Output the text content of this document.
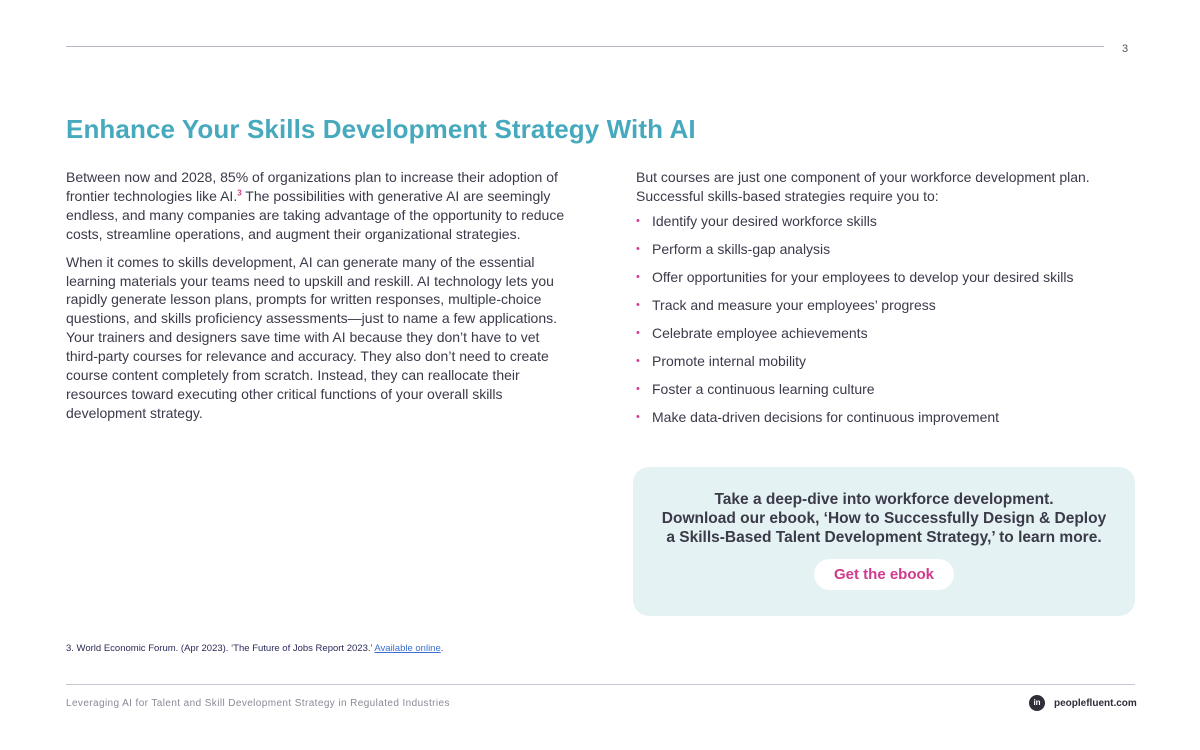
3
Enhance Your Skills Development Strategy With AI

Between now and 2028, 85% of organizations plan to increase their adoption of frontier technologies like AI.$^3$ The possibilities with generative AI are seemingly endless, and many companies are taking advantage of the opportunity to reduce costs, streamline operations, and augment their organizational strategies.

When it comes to skills development, AI can generate many of the essential learning materials your teams need to upskill and reskill. AI technology lets you rapidly generate lesson plans, prompts for written responses, multiple-choice questions, and skills proficiency assessments—just to name a few applications. Your trainers and designers save time with AI because they don’t have to vet third-party courses for relevance and accuracy. They also don’t need to create course content completely from scratch. Instead, they can reallocate their resources toward executing other critical functions of your overall skills development strategy.

But courses are just one component of your workforce development plan. Successful skills-based strategies require you to:

• Identify your desired workforce skills
• Perform a skills-gap analysis
• Offer opportunities for your employees to develop your desired skills
• Track and measure your employees’ progress
• Celebrate employee achievements
• Promote internal mobility
• Foster a continuous learning culture
• Make data-driven decisions for continuous improvement
Take a deep-dive into workforce development.
Download our ebook, ‘How to Successfully Design & Deploy
a Skills-Based Talent Development Strategy,’ to learn more.
Get the ebook
3. World Economic Forum. (Apr 2023). ‘The Future of Jobs Report 2023.’ Available online.
Leveraging AI for Talent and Skill Development Strategy in Regulated Industries	in	peoplefluent.com
